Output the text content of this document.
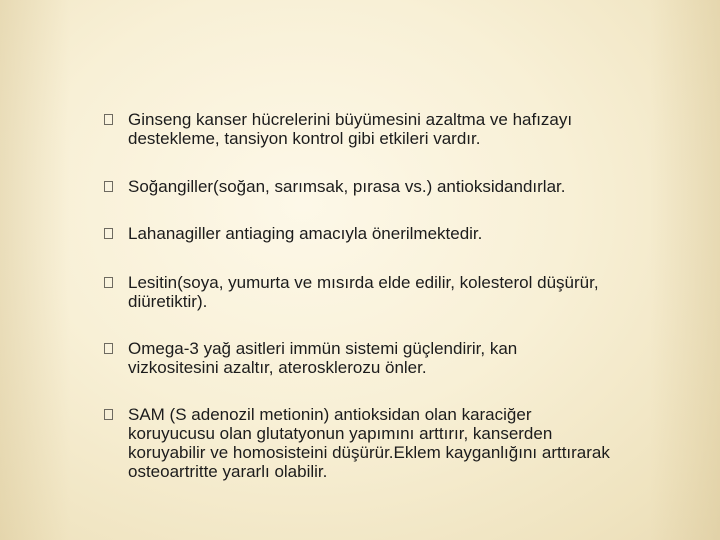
Ginseng kanser hücrelerini büyümesini azaltma ve hafızayı
destekleme, tansiyon kontrol gibi etkileri vardır.
Soğangiller(soğan, sarımsak, pırasa vs.) antioksidandırlar.
Lahanagiller antiaging amacıyla önerilmektedir.
Lesitin(soya, yumurta ve mısırda elde edilir, kolesterol düşürür,
diüretiktir).
Omega-3 yağ asitleri immün sistemi güçlendirir, kan
vizkositesini azaltır, aterosklerozu önler.
SAM (S adenozil metionin) antioksidan olan karaciğer
koruyucusu olan glutatyonun yapımını arttırır, kanserden
koruyabilir ve homosisteini düşürür.Eklem kayganlığını arttırarak
osteoartritte yararlı olabilir.
